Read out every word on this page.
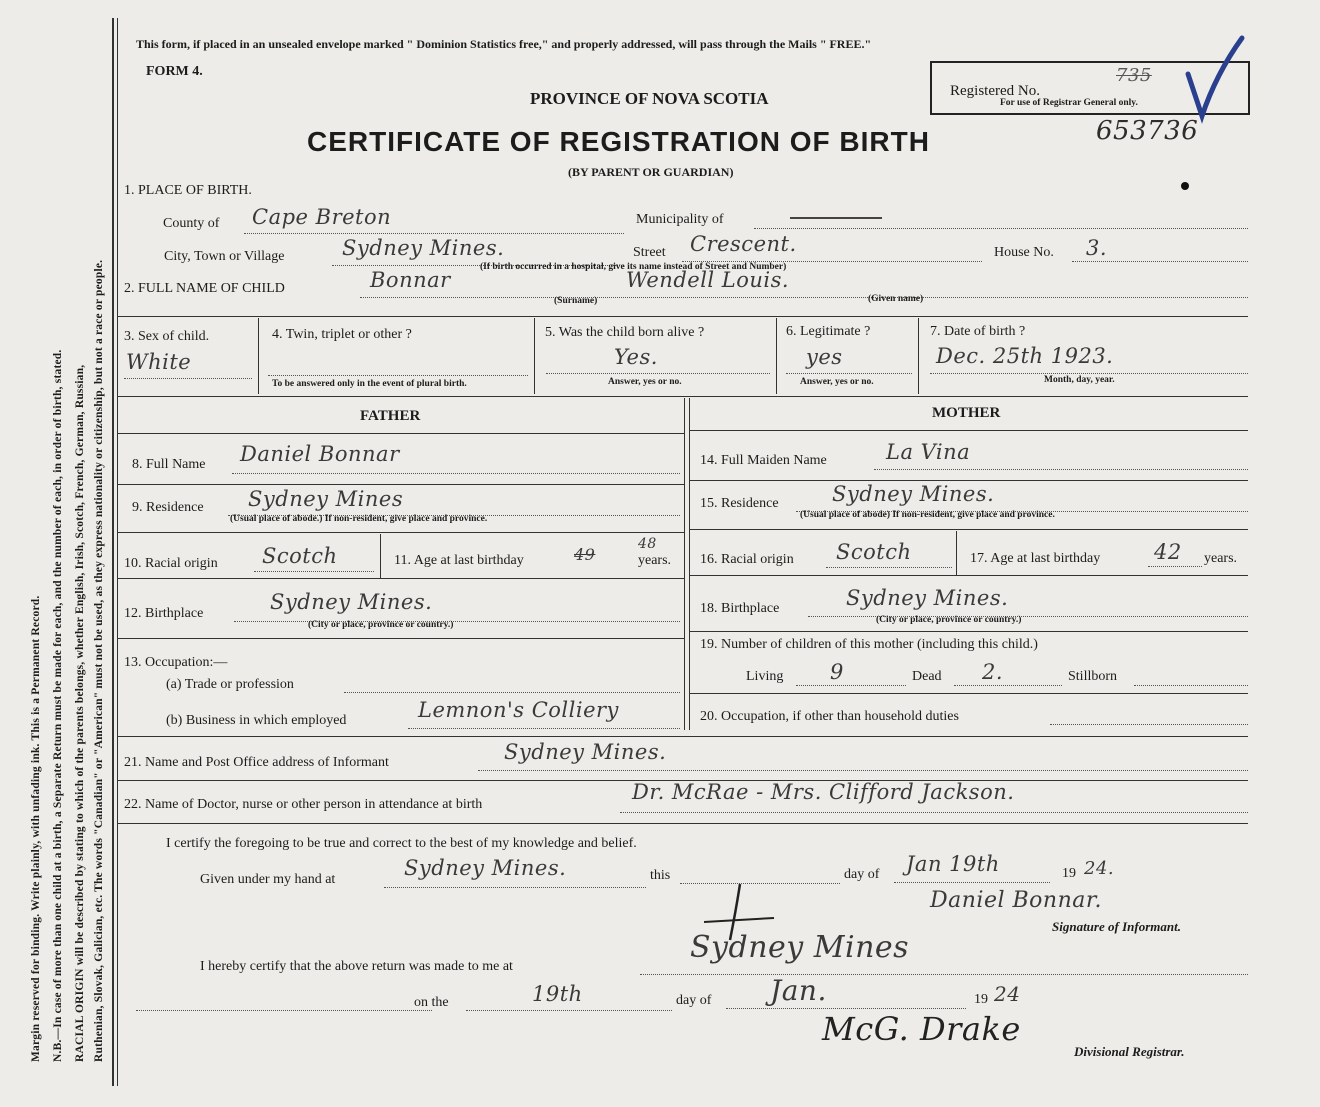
Margin reserved for binding. Write plainly, with unfading ink. This is a Permanent Record. N.B.—In case of more than one child at a birth, a Separate Return must be made for each, and the number of each, in order of birth, stated. RACIAL ORIGIN will be described by stating to which of the parents belongs, whether English, Irish, Scotch, French, German, Russian, Ruthenian, Slovak, Galician, etc. The words "Canadian" or "American" must not be used, as they express nationality or citizenship, but not a race or people.
This form, if placed in an unsealed envelope marked " Dominion Statistics free," and properly addressed, will pass through the Mails " FREE."
FORM 4.
PROVINCE OF NOVA SCOTIA
CERTIFICATE OF REGISTRATION OF BIRTH
(BY PARENT OR GUARDIAN)
Registered No.
735
For use of Registrar General only.
653736
1. PLACE OF BIRTH.
County of Cape Breton	Municipality of
City, Town or Village	Sydney Mines.	Street Crescent.
(If birth occurred in a hospital, give its name instead of Street and Number)
House No. 3.
2. FULL NAME OF CHILD	Bonnar	Wendell Louis.
(Surname)	(Given name)
3. Sex of child.
White
4. Twin, triplet or other ?
To be answered only in the event of plural birth.
5. Was the child born alive ?
Yes.
Answer, yes or no.
6. Legitimate ?
yes
Answer, yes or no.
7. Date of birth ?
Dec. 25th 1923.
Month, day, year.
FATHER
8. Full Name Daniel Bonnar
9. Residence Sydney Mines
(Usual place of abode.) If non-resident, give place and province.
10. Racial origin Scotch	11. Age at last birthday	49
48
years.
12. Birthplace	Sydney Mines.
(City or place, province or country.)
13. Occupation:—
(a) Trade or profession
(b) Business in which employed	Lemnon's Colliery
MOTHER
14. Full Maiden Name	La Vina
15. Residence	Sydney Mines.
(Usual place of abode) If non-resident, give place and province.
16. Racial origin Scotch	17. Age at last birthday	42 years.
18. Birthplace	Sydney Mines.
(City or place, province or country.)
19. Number of children of this mother (including this child.)
Living 9	Dead 2.	Stillborn
20. Occupation, if other than household duties
21. Name and Post Office address of Informant	Sydney Mines.
22. Name of Doctor, nurse or other person in attendance at birth
Dr. McRae - Mrs. Clifford Jackson.
I certify the foregoing to be true and correct to the best of my knowledge and belief.
Given under my hand at	Sydney Mines.	this	day of Jan 19th	19 24.
Daniel Bonnar.
Signature of Informant.
I hereby certify that the above return was made to me at
Sydney Mines
on the	19th	day of Jan.	19 24
McG. Drake
Divisional Registrar.
